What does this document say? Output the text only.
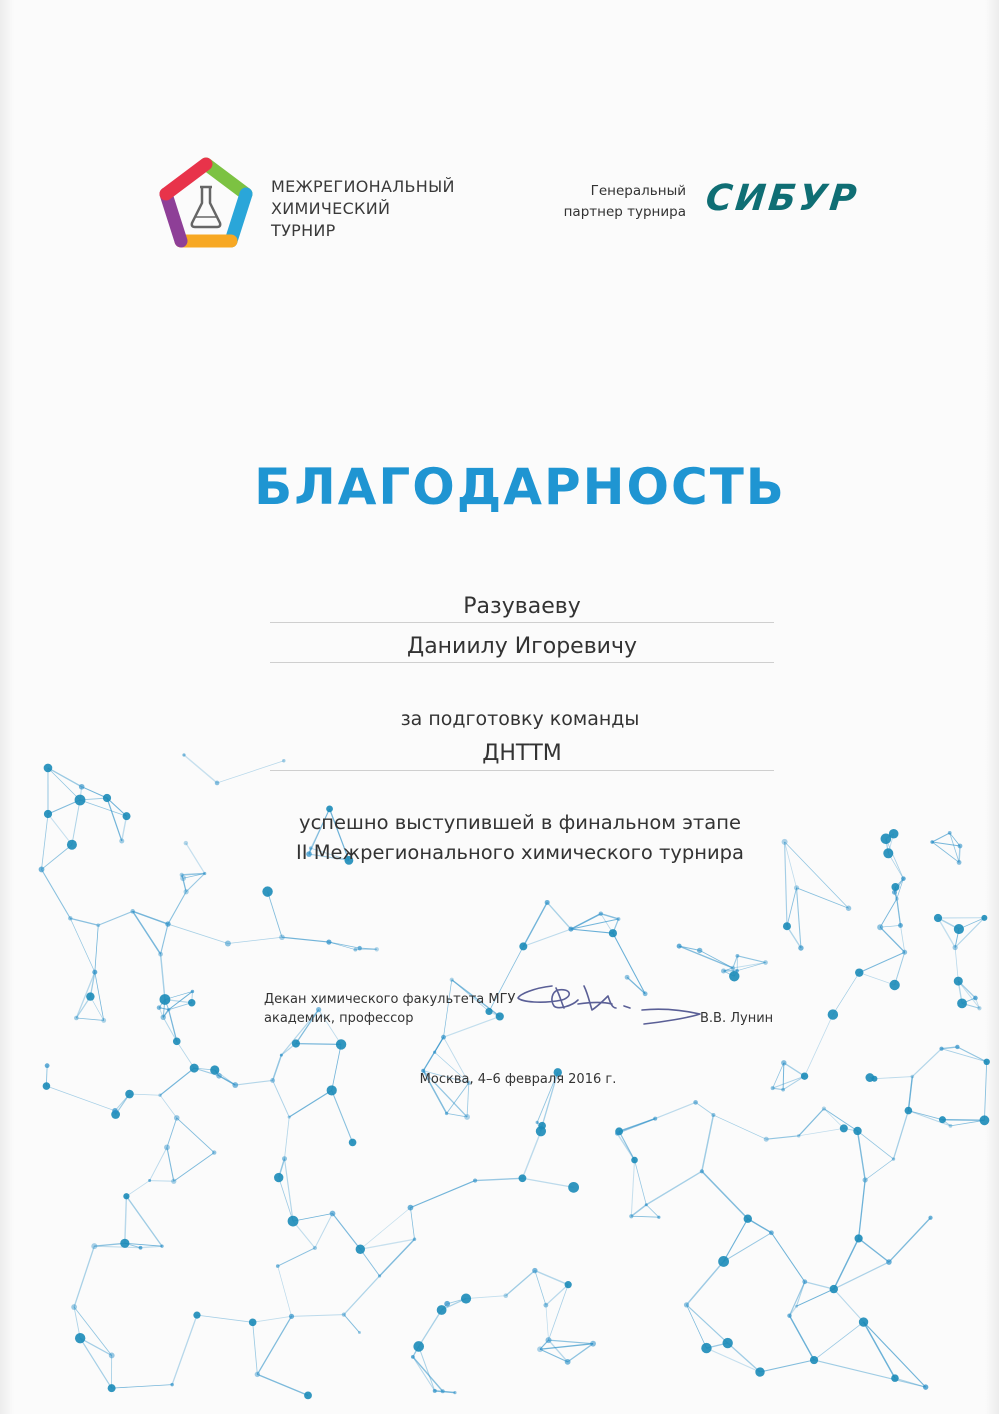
МЕЖРЕГИОНАЛЬНЫЙ
ХИМИЧЕСКИЙ
ТУРНИР
Генеральный
партнер турнира СИБУР
БЛАГОДАРНОСТЬ
Разуваеву
Даниилу Игоревичу
за подготовку команды
ДНТТМ
успешно выступившей в финальном этапе
II Межрегионального химического турнира
Декан химического факультета МГУ
академик, профессор	В.В. Лунин
Москва, 4–6 февраля 2016 г.
